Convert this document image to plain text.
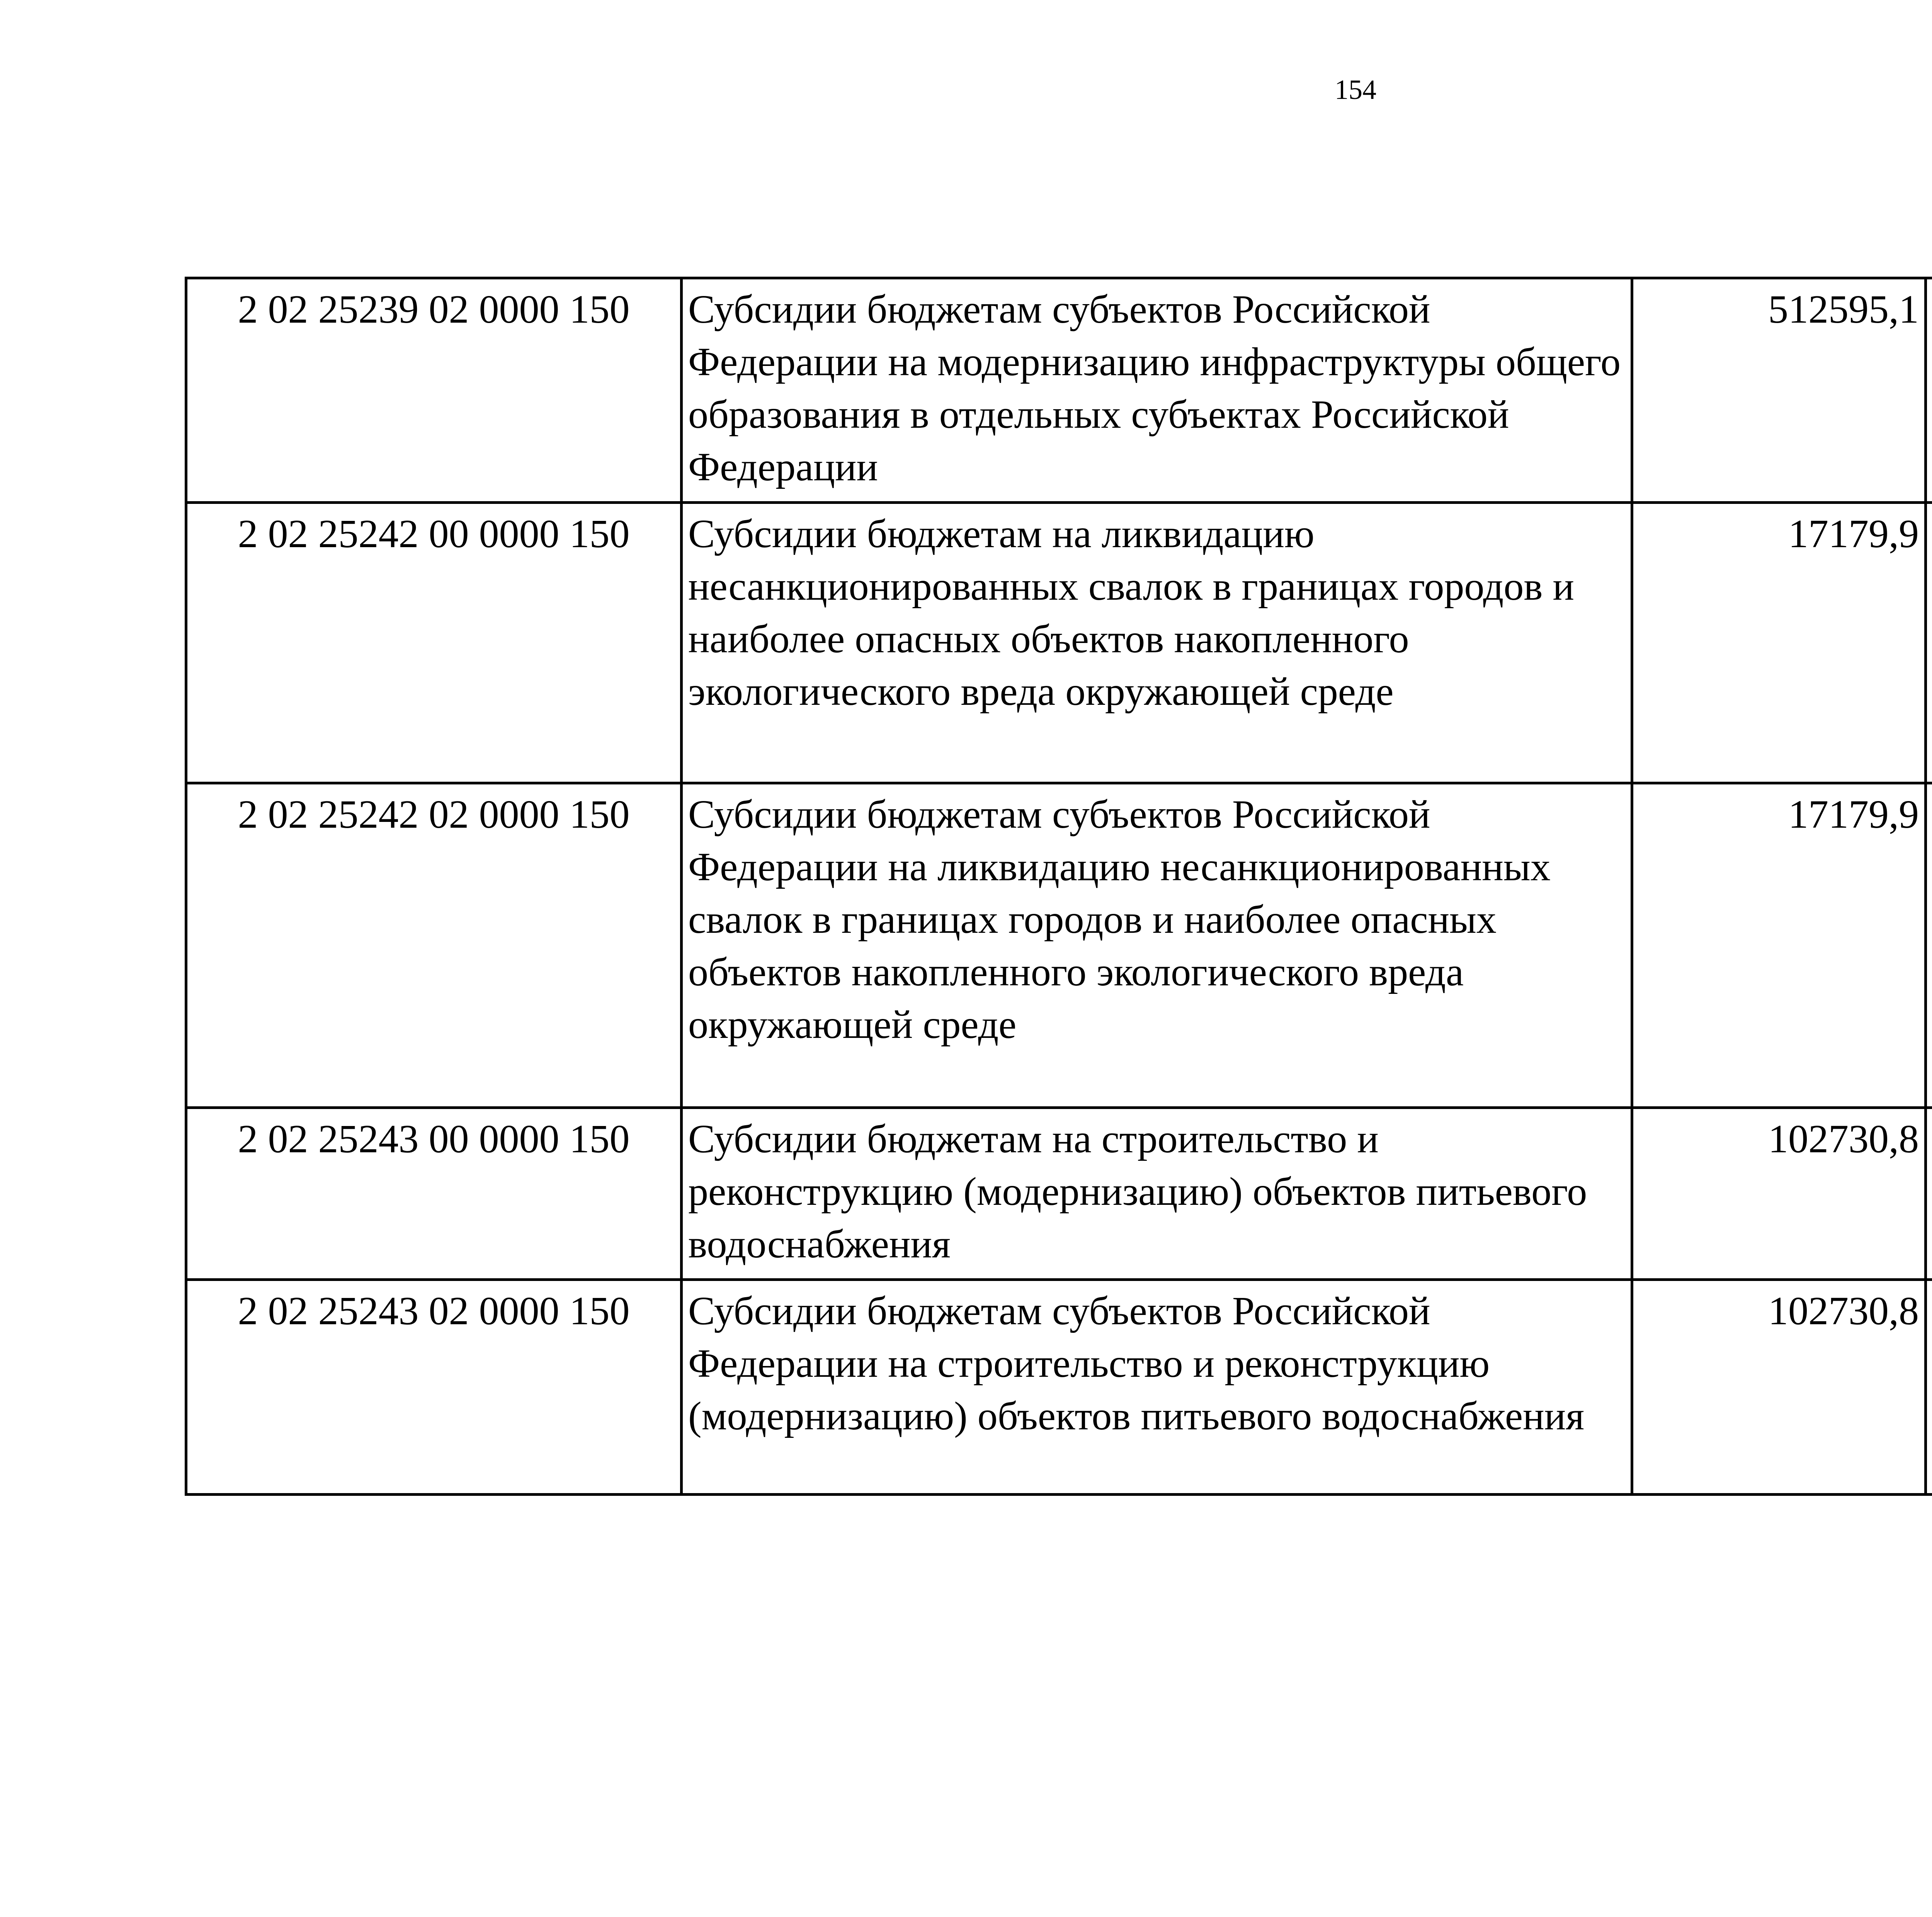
154
2 02 25239 02 0000 150	Субсидии бюджетам субъектов Российской Федерации на модернизацию инфраструктуры общего образования в отдельных субъектах Российской Федерации	512595,1		
2 02 25242 00 0000 150	Субсидии бюджетам на ликвидацию несанкционированных свалок в границах городов и наиболее опасных объектов накопленного экологического вреда окружающей среде	17179,9		
2 02 25242 02 0000 150	Субсидии бюджетам субъектов Российской Федерации на ликвидацию несанкционированных свалок в границах городов и наиболее опасных объектов накопленного экологического вреда окружающей среде	17179,9		
2 02 25243 00 0000 150	Субсидии бюджетам на строительство и реконструкцию (модернизацию) объектов питьевого водоснабжения	102730,8		
2 02 25243 02 0000 150	Субсидии бюджетам субъектов Российской Федерации на строительство и реконструкцию (модернизацию) объектов питьевого водоснабжения	102730,8		
